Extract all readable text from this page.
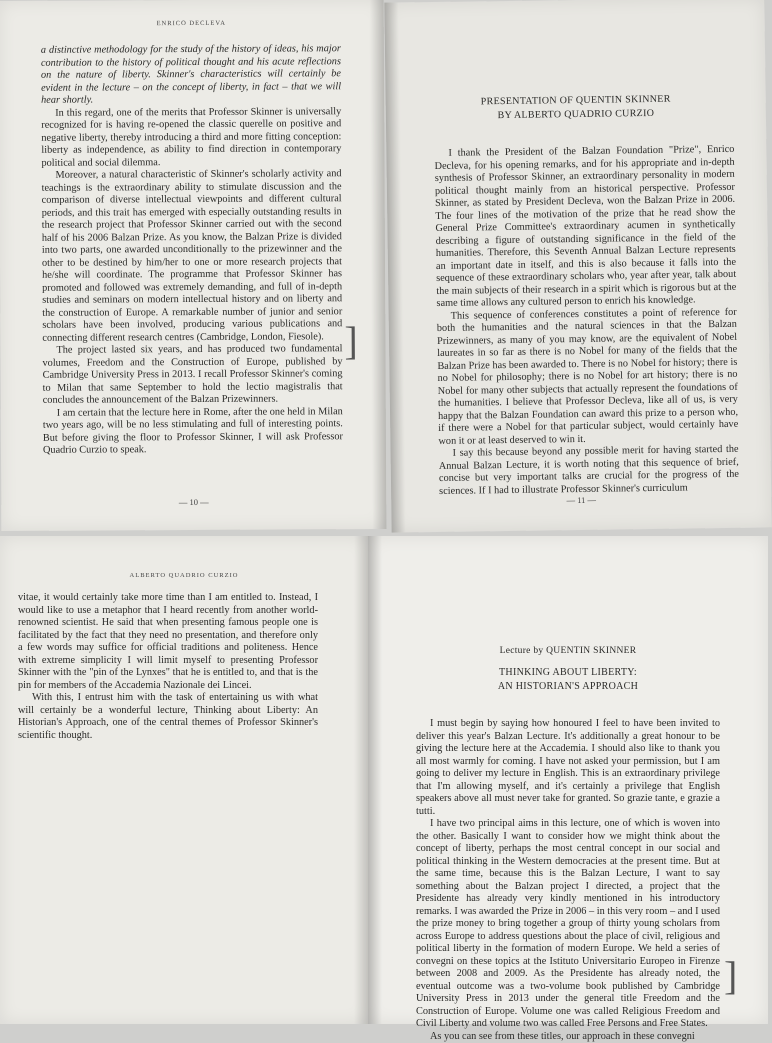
ENRICO DECLEVA

a distinctive methodology for the study of the history of ideas, his major contribution to the history of political thought and his acute reflections on the nature of liberty. Skinner's characteristics will certainly be evident in the lecture – on the concept of liberty, in fact – that we will hear shortly.

In this regard, one of the merits that Professor Skinner is universally recognized for is having re-opened the classic querelle on positive and negative liberty, thereby introducing a third and more fitting conception: liberty as independence, as ability to find direction in contemporary political and social dilemma.

Moreover, a natural characteristic of Skinner's scholarly activity and teachings is the extraordinary ability to stimulate discussion and the comparison of diverse intellectual viewpoints and different cultural periods, and this trait has emerged with especially outstanding results in the research project that Professor Skinner carried out with the second half of his 2006 Balzan Prize. As you know, the Balzan Prize is divided into two parts, one awarded unconditionally to the prizewinner and the other to be destined by him/her to one or more research projects that he/she will coordinate. The programme that Professor Skinner has promoted and followed was extremely demanding, and full of in-depth studies and seminars on modern intellectual history and on liberty and the construction of Europe. A remarkable number of junior and senior scholars have been involved, producing various publications and connecting different research centres (Cambridge, London, Fiesole).

The project lasted six years, and has produced two fundamental volumes, Freedom and the Construction of Europe, published by Cambridge University Press in 2013. I recall Professor Skinner's coming to Milan that same September to hold the lectio magistralis that concludes the announcement of the Balzan Prizewinners.

I am certain that the lecture here in Rome, after the one held in Milan two years ago, will be no less stimulating and full of interesting points. But before giving the floor to Professor Skinner, I will ask Professor Quadrio Curzio to speak.

]
— 10 —
PRESENTATION OF QUENTIN SKINNER
BY ALBERTO QUADRIO CURZIO

I thank the President of the Balzan Foundation "Prize", Enrico Decleva, for his opening remarks, and for his appropriate and in-depth synthesis of Professor Skinner, an extraordinary personality in modern political thought mainly from an historical perspective. Professor Skinner, as stated by President Decleva, won the Balzan Prize in 2006. The four lines of the motivation of the prize that he read show the General Prize Committee's extraordinary acumen in synthetically describing a figure of outstanding significance in the field of the humanities. Therefore, this Seventh Annual Balzan Lecture represents an important date in itself, and this is also because it falls into the sequence of these extraordinary scholars who, year after year, talk about the main subjects of their research in a spirit which is rigorous but at the same time allows any cultured person to enrich his knowledge.

This sequence of conferences constitutes a point of reference for both the humanities and the natural sciences in that the Balzan Prizewinners, as many of you may know, are the equivalent of Nobel laureates in so far as there is no Nobel for many of the fields that the Balzan Prize has been awarded to. There is no Nobel for history; there is no Nobel for philosophy; there is no Nobel for art history; there is no Nobel for many other subjects that actually represent the foundations of the humanities. I believe that Professor Decleva, like all of us, is very happy that the Balzan Foundation can award this prize to a person who, if there were a Nobel for that particular subject, would certainly have won it or at least deserved to win it.

I say this because beyond any possible merit for having started the Annual Balzan Lecture, it is worth noting that this sequence of brief, concise but very important talks are crucial for the progress of the sciences. If I had to illustrate Professor Skinner's curriculum

— 11 —
ALBERTO QUADRIO CURZIO

vitae, it would certainly take more time than I am entitled to. Instead, I would like to use a metaphor that I heard recently from another world-renowned scientist. He said that when presenting famous people one is facilitated by the fact that they need no presentation, and therefore only a few words may suffice for official traditions and politeness. Hence with extreme simplicity I will limit myself to presenting Professor Skinner with the "pin of the Lynxes" that he is entitled to, and that is the pin for members of the Accademia Nazionale dei Lincei.

With this, I entrust him with the task of entertaining us with what will certainly be a wonderful lecture, Thinking about Liberty: An Historian's Approach, one of the central themes of Professor Skinner's scientific thought.

Lecture by QUENTIN SKINNER
THINKING ABOUT LIBERTY:
AN HISTORIAN'S APPROACH

I must begin by saying how honoured I feel to have been invited to deliver this year's Balzan Lecture. It's additionally a great honour to be giving the lecture here at the Accademia. I should also like to thank you all most warmly for coming. I have not asked your permission, but I am going to deliver my lecture in English. This is an extraordinary privilege that I'm allowing myself, and it's certainly a privilege that English speakers above all must never take for granted. So grazie tante, e grazie a tutti.

I have two principal aims in this lecture, one of which is woven into the other. Basically I want to consider how we might think about the concept of liberty, perhaps the most central concept in our social and political thinking in the Western democracies at the present time. But at the same time, because this is the Balzan Lecture, I want to say something about the Balzan project I directed, a project that the Presidente has already very kindly mentioned in his introductory remarks. I was awarded the Prize in 2006 – in this very room – and I used the prize money to bring together a group of thirty young scholars from across Europe to address questions about the place of civil, religious and political liberty in the formation of modern Europe. We held a series of convegni on these topics at the Istituto Universitario Europeo in Firenze between 2008 and 2009. As the Presidente has already noted, the eventual outcome was a two-volume book published by Cambridge University Press in 2013 under the general title Freedom and the Construction of Europe. Volume one was called Religious Freedom and Civil Liberty and volume two was called Free Persons and Free States.

As you can see from these titles, our approach in these convegni

]
